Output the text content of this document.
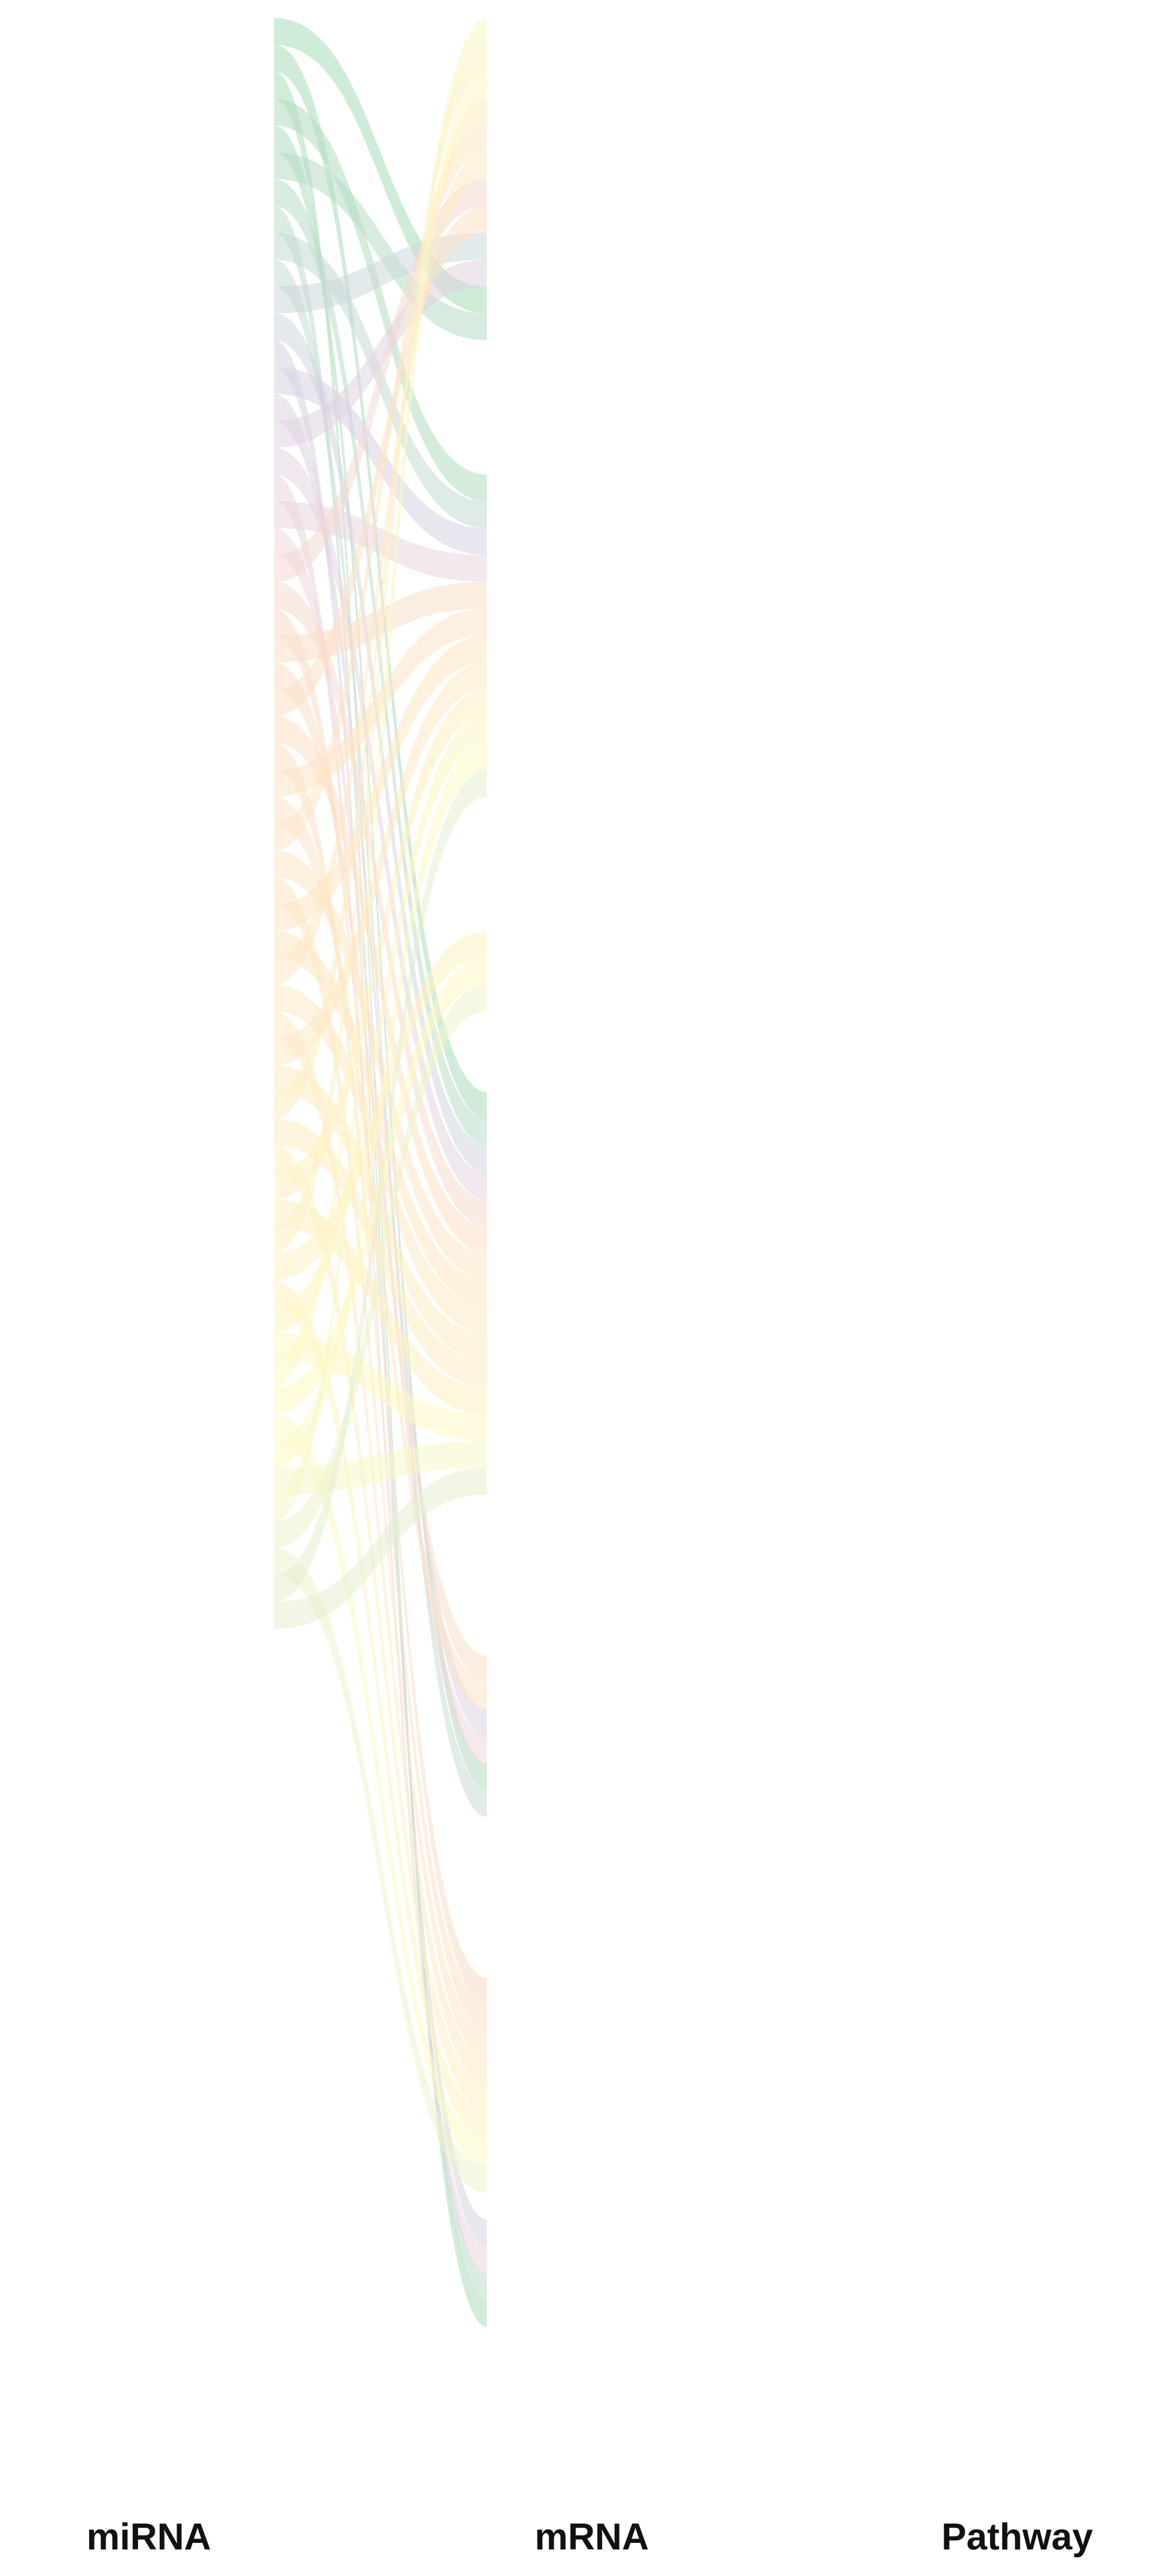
miRNA	mRNA	Pathway
